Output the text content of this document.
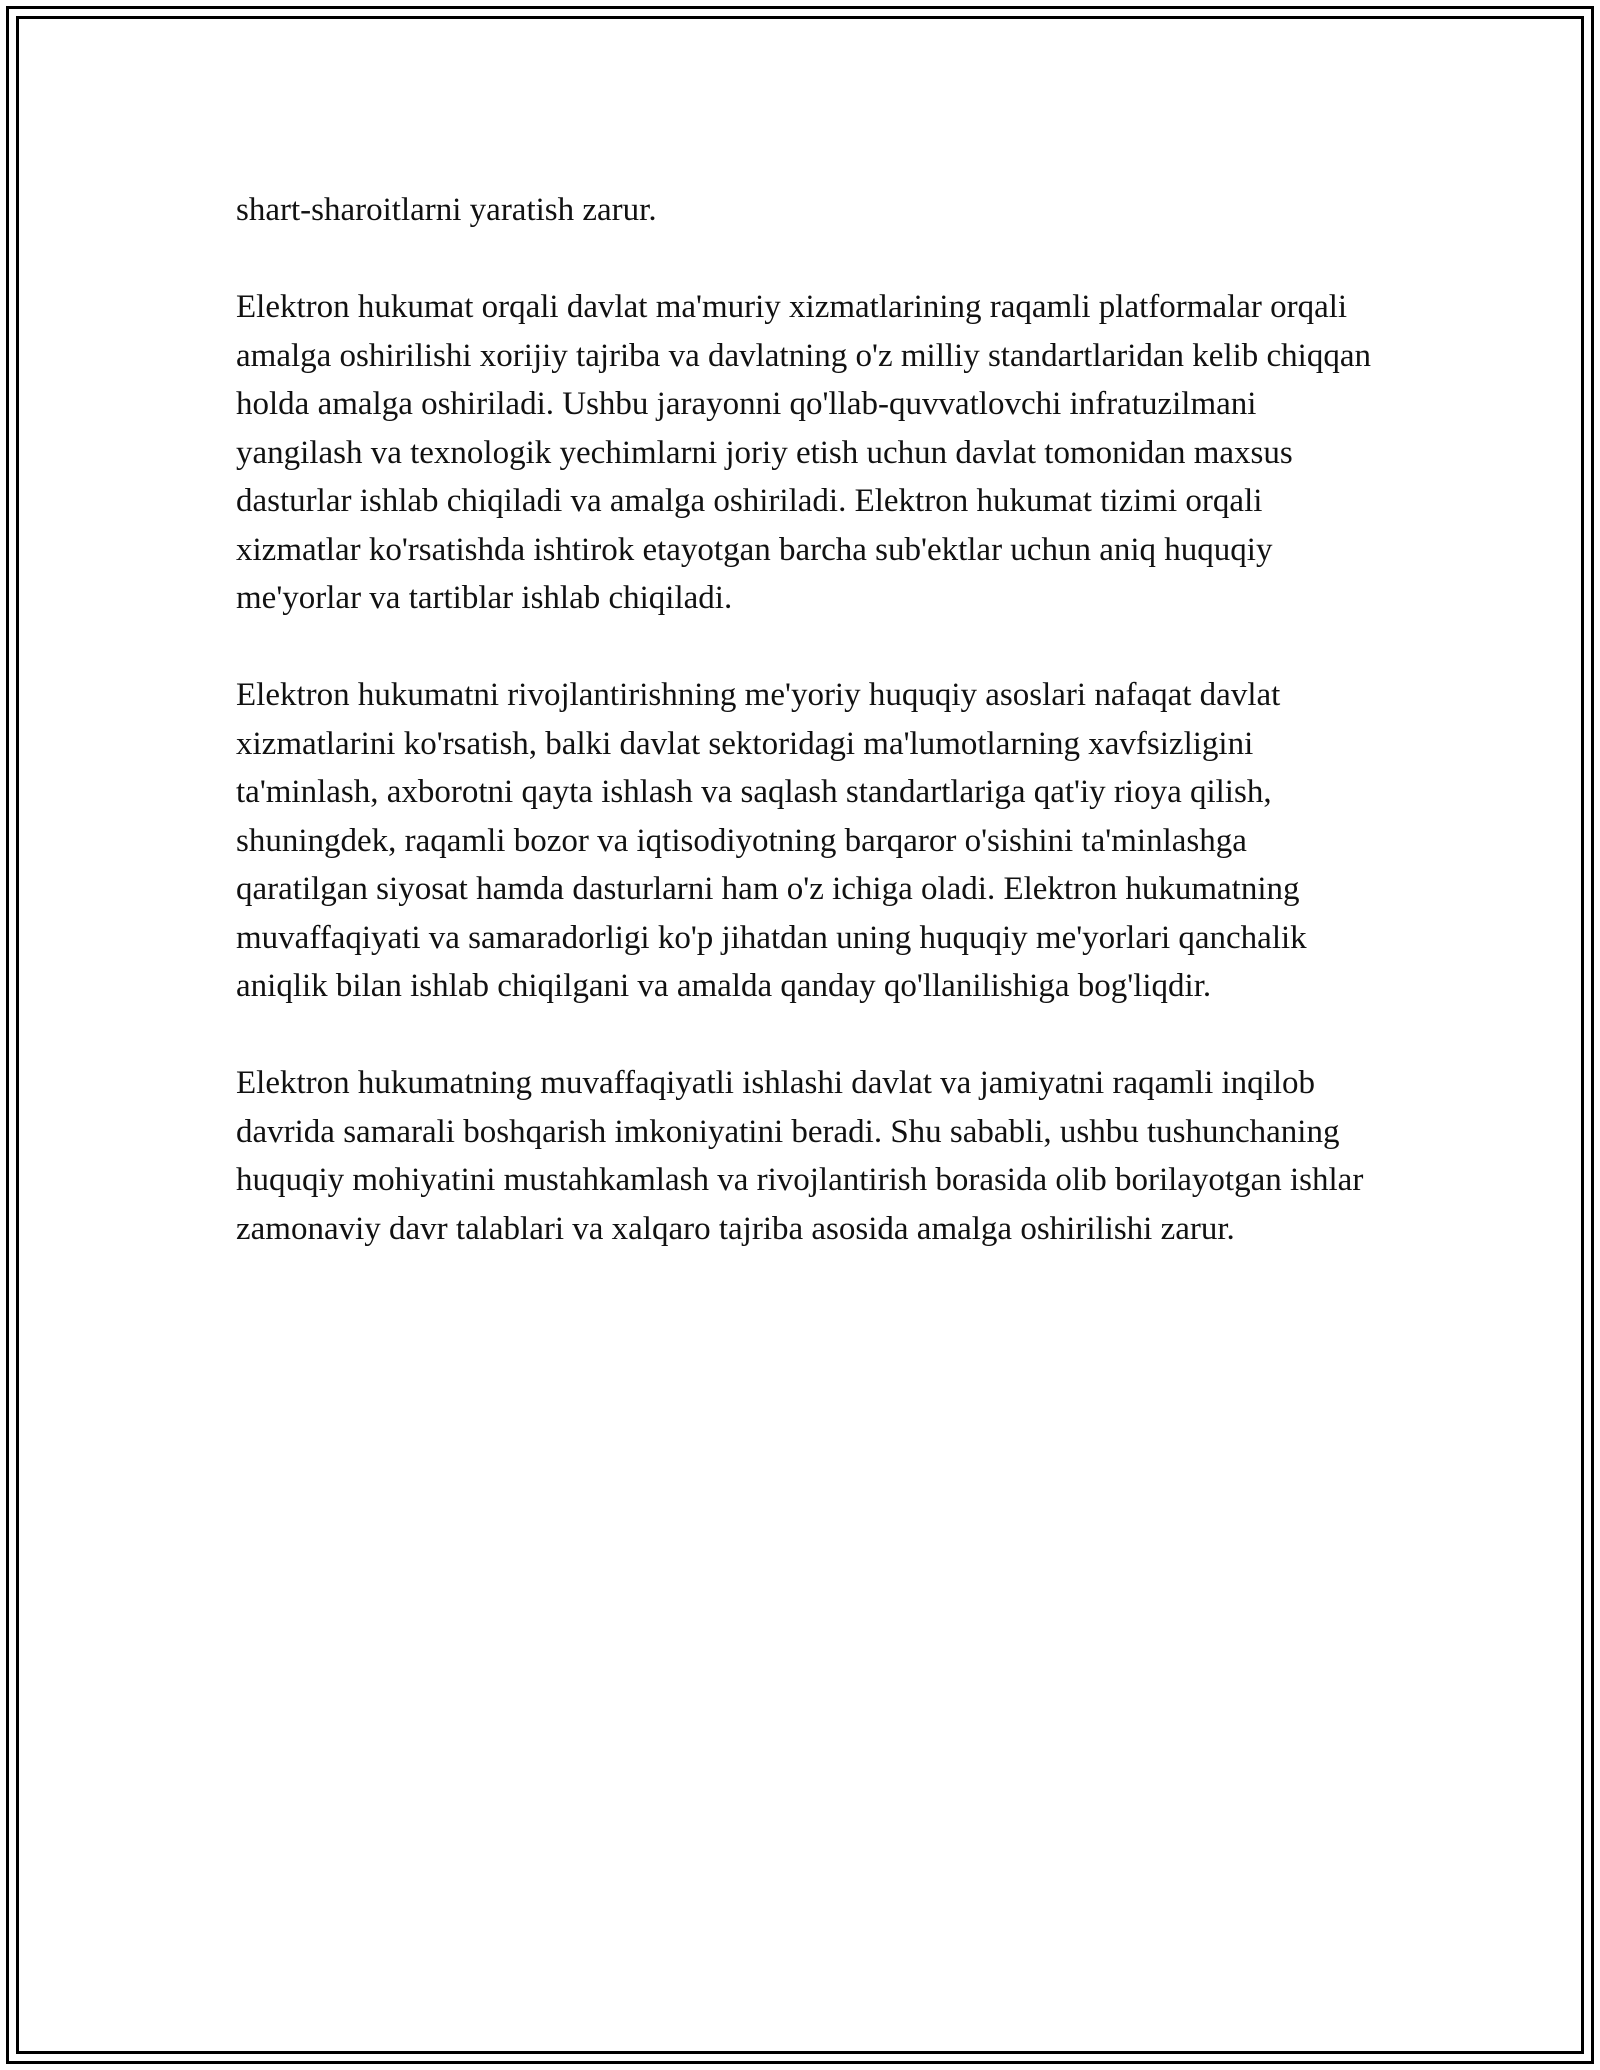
shart-sharoitlarni yaratish zarur.

Elektron hukumat orqali davlat ma'muriy xizmatlarining raqamli platformalar orqali amalga oshirilishi xorijiy tajriba va davlatning o'z milliy standartlaridan kelib chiqqan holda amalga oshiriladi. Ushbu jarayonni qo'llab-quvvatlovchi infratuzilmani yangilash va texnologik yechimlarni joriy etish uchun davlat tomonidan maxsus dasturlar ishlab chiqiladi va amalga oshiriladi. Elektron hukumat tizimi orqali xizmatlar ko'rsatishda ishtirok etayotgan barcha sub'ektlar uchun aniq huquqiy me'yorlar va tartiblar ishlab chiqiladi.

Elektron hukumatni rivojlantirishning me'yoriy huquqiy asoslari nafaqat davlat xizmatlarini ko'rsatish, balki davlat sektoridagi ma'lumotlarning xavfsizligini ta'minlash, axborotni qayta ishlash va saqlash standartlariga qat'iy rioya qilish, shuningdek, raqamli bozor va iqtisodiyotning barqaror o'sishini ta'minlashga qaratilgan siyosat hamda dasturlarni ham o'z ichiga oladi. Elektron hukumatning muvaffaqiyati va samaradorligi ko'p jihatdan uning huquqiy me'yorlari qanchalik aniqlik bilan ishlab chiqilgani va amalda qanday qo'llanilishiga bog'liqdir.

Elektron hukumatning muvaffaqiyatli ishlashi davlat va jamiyatni raqamli inqilob davrida samarali boshqarish imkoniyatini beradi. Shu sababli, ushbu tushunchaning huquqiy mohiyatini mustahkamlash va rivojlantirish borasida olib borilayotgan ishlar zamonaviy davr talablari va xalqaro tajriba asosida amalga oshirilishi zarur.
